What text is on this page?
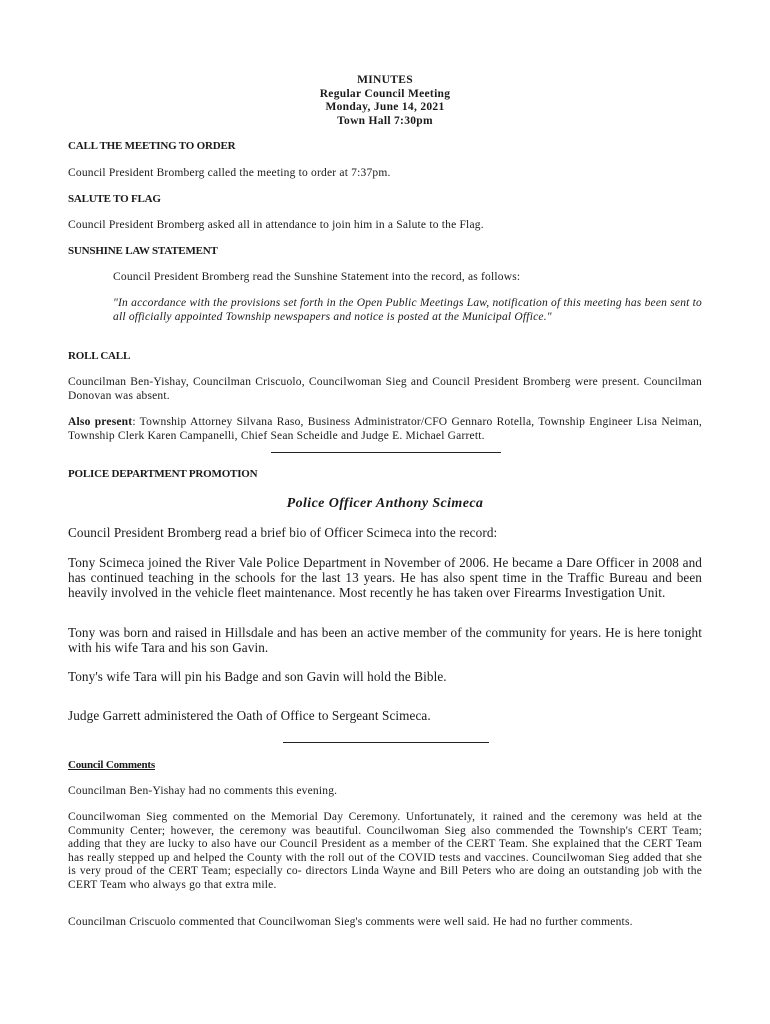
MINUTES
Regular Council Meeting
Monday, June 14, 2021
Town Hall 7:30pm
CALL THE MEETING TO ORDER
Council President Bromberg called the meeting to order at 7:37pm.
SALUTE TO FLAG
Council President Bromberg asked all in attendance to join him in a Salute to the Flag.
SUNSHINE LAW STATEMENT
Council President Bromberg read the Sunshine Statement into the record, as follows:
"In accordance with the provisions set forth in the Open Public Meetings Law, notification of this meeting has been sent to all officially appointed Township newspapers and notice is posted at the Municipal Office."
ROLL CALL
Councilman Ben-Yishay, Councilman Criscuolo, Councilwoman Sieg and Council President Bromberg were present. Councilman Donovan was absent.
Also present: Township Attorney Silvana Raso, Business Administrator/CFO Gennaro Rotella, Township Engineer Lisa Neiman, Township Clerk Karen Campanelli, Chief Sean Scheidle and Judge E. Michael Garrett.
POLICE DEPARTMENT PROMOTION
Police Officer Anthony Scimeca
Council President Bromberg read a brief bio of Officer Scimeca into the record:
Tony Scimeca joined the River Vale Police Department in November of 2006. He became a Dare Officer in 2008 and has continued teaching in the schools for the last 13 years. He has also spent time in the Traffic Bureau and been heavily involved in the vehicle fleet maintenance. Most recently he has taken over Firearms Investigation Unit.
Tony was born and raised in Hillsdale and has been an active member of the community for years. He is here tonight with his wife Tara and his son Gavin.
Tony's wife Tara will pin his Badge and son Gavin will hold the Bible.
Judge Garrett administered the Oath of Office to Sergeant Scimeca.
Council Comments
Councilman Ben-Yishay had no comments this evening.
Councilwoman Sieg commented on the Memorial Day Ceremony. Unfortunately, it rained and the ceremony was held at the Community Center; however, the ceremony was beautiful. Councilwoman Sieg also commended the Township's CERT Team; adding that they are lucky to also have our Council President as a member of the CERT Team. She explained that the CERT Team has really stepped up and helped the County with the roll out of the COVID tests and vaccines. Councilwoman Sieg added that she is very proud of the CERT Team; especially co- directors Linda Wayne and Bill Peters who are doing an outstanding job with the CERT Team who always go that extra mile.
Councilman Criscuolo commented that Councilwoman Sieg's comments were well said. He had no further comments.
